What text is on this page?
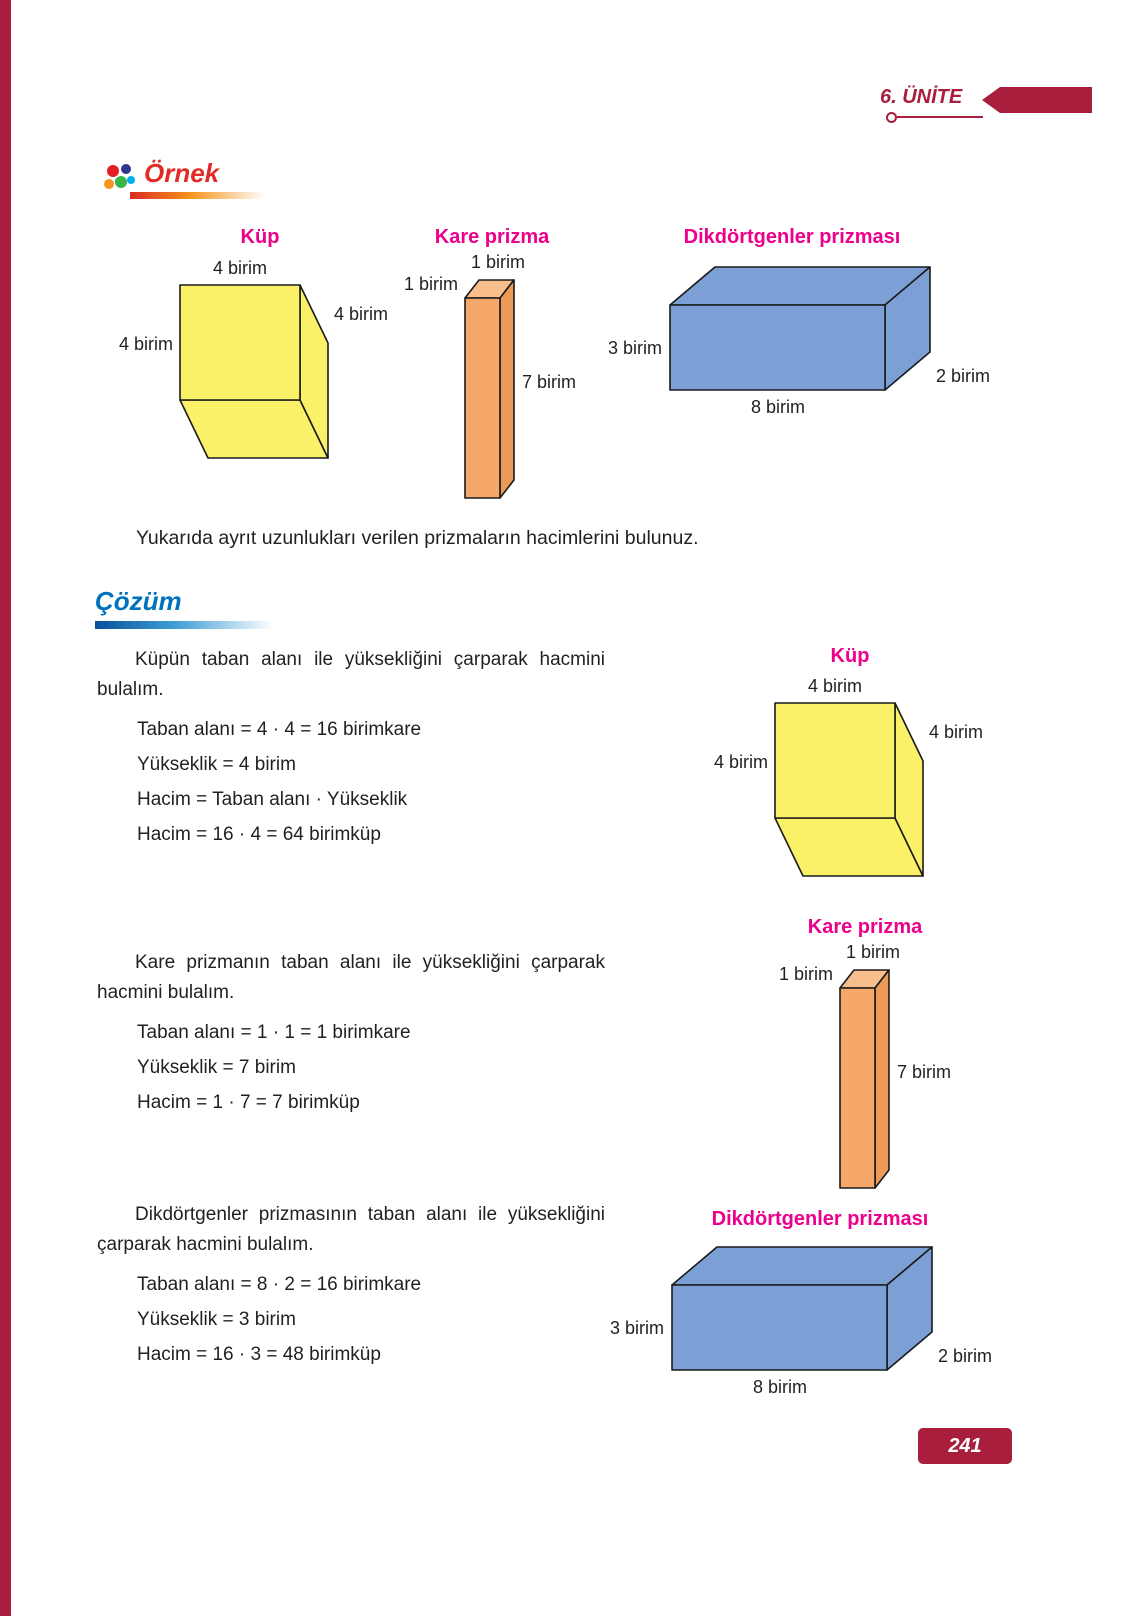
6. ÜNİTE
Örnek
Küp	Kare prizma	Dikdörtgenler prizması
4 birim
4 birim
4 birim
1 birim
1 birim
7 birim
3 birim
8 birim
2 birim

Yukarıda ayrıt uzunlukları verilen prizmaların hacimlerini bulunuz.

Çözüm

Küpün taban alanı ile yüksekliğini çarparak hacmini bulalım.

Taban alanı = 4 · 4 = 16 birimkare

Yükseklik = 4 birim

Hacim = Taban alanı · Yükseklik

Hacim = 16 · 4 = 64 birimküp

Küp
4 birim
4 birim
4 birim

Kare prizmanın taban alanı ile yüksekliğini çarparak hacmini bulalım.

Taban alanı = 1 · 1 = 1 birimkare

Yükseklik = 7 birim

Hacim = 1 · 7 = 7 birimküp

Kare prizma
1 birim
1 birim
7 birim

Dikdörtgenler prizmasının taban alanı ile yüksekliğini çarparak hacmini bulalım.

Taban alanı = 8 · 2 = 16 birimkare

Yükseklik = 3 birim

Hacim = 16 · 3 = 48 birimküp

Dikdörtgenler prizması
3 birim
8 birim
2 birim
241
